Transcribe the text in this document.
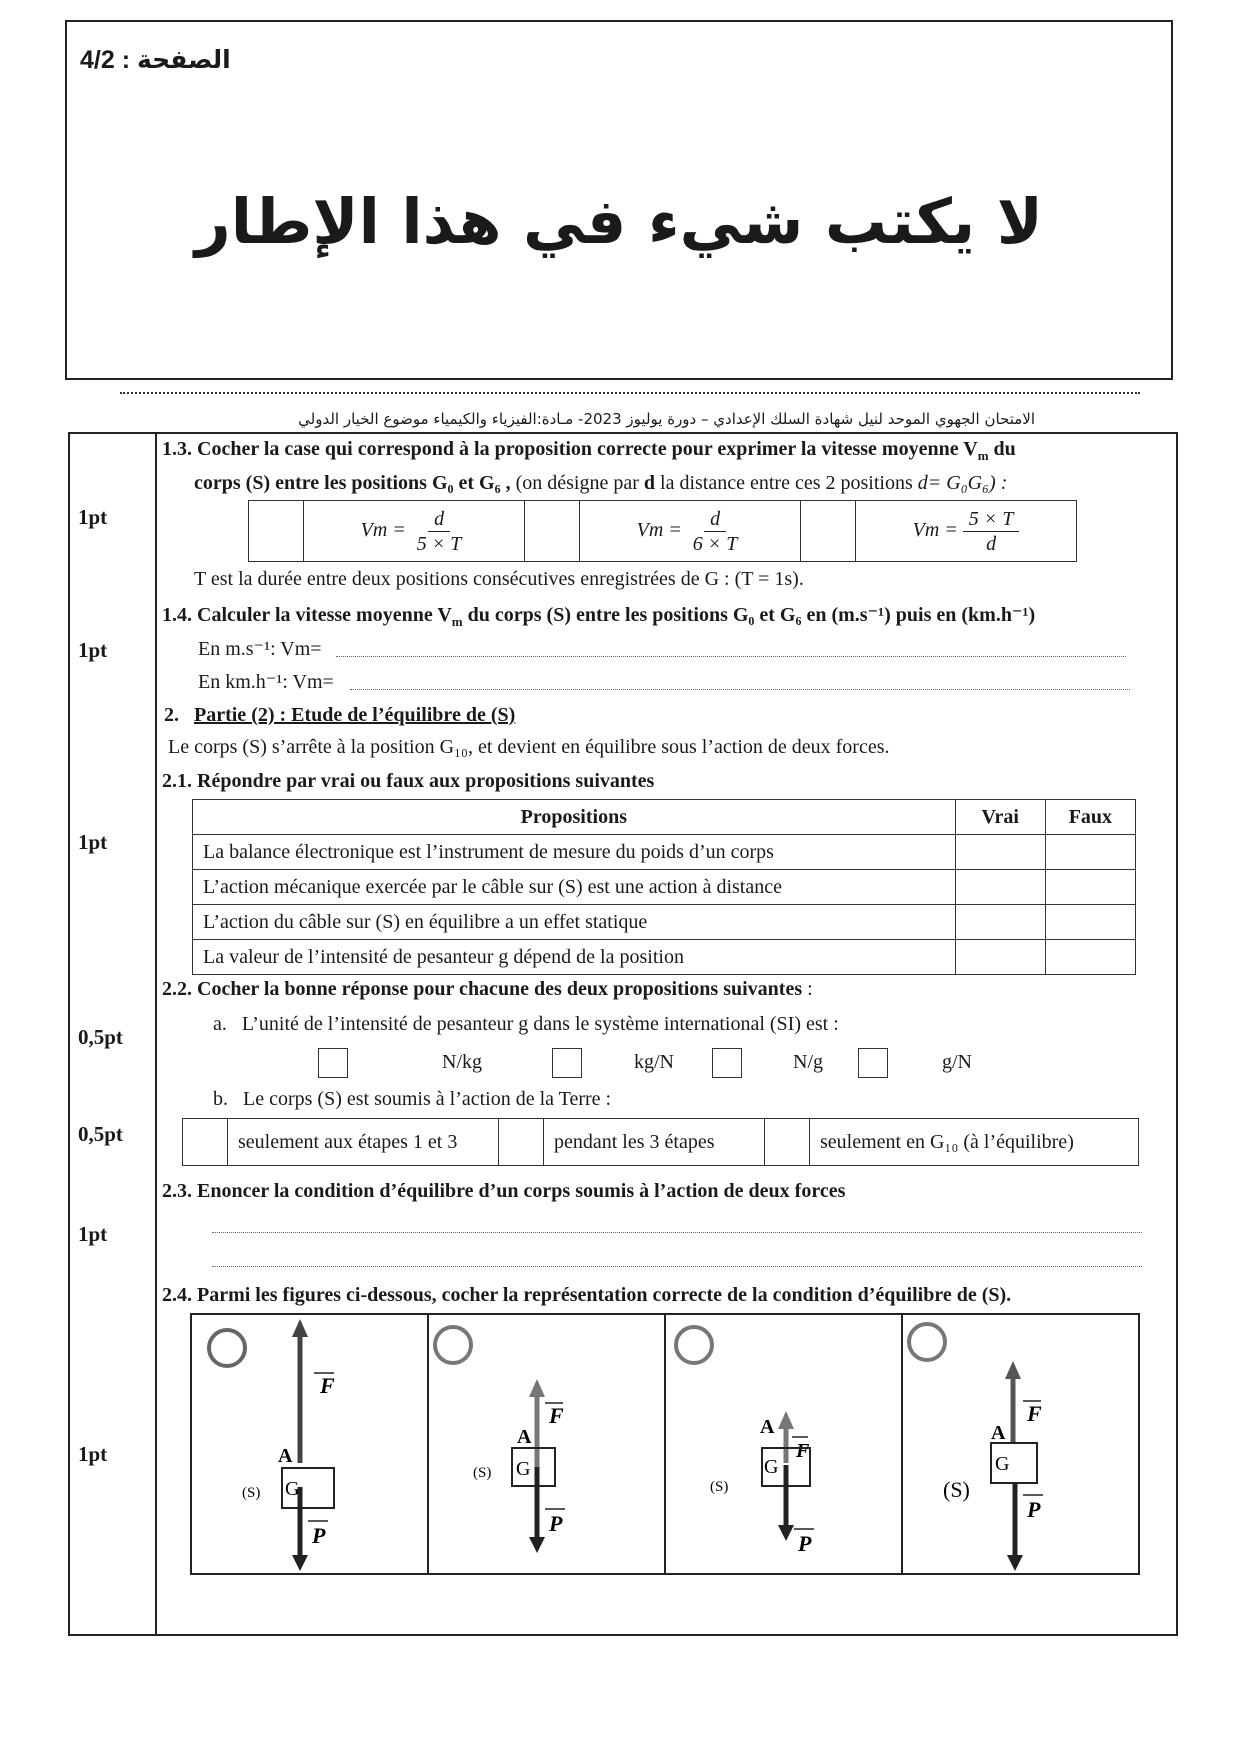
الصفحة : 4/2
لا يكتب شيء في هذا الإطار
الامتحان الجهوي الموحد لنيل شهادة السلك الإعدادي – دورة يوليوز 2023- مـادة:الفيزياء والكيمياء موضوع الخيار الدولي
1pt
1pt
1pt
0,5pt
0,5pt
1pt
1pt
1.3. Cocher la case qui correspond à la proposition correcte pour exprimer la vitesse moyenne $V_m$ du
corps (S) entre les positions G₀ et G₆ , (on désigne par d la distance entre ces 2 positions d= G₀G₆) :
	$Vm = \frac{d}{5 \times T}$		$Vm = \frac{d}{6 \times T}$		$Vm = \frac{5 \times T}{d}$
T est la durée entre deux positions consécutives enregistrées de G : (T = 1s).
1.4. Calculer la vitesse moyenne $V_m$ du corps (S) entre les positions G₀ et G₆ en (m.s⁻¹) puis en (km.h⁻¹)
En m.s⁻¹: Vm=
En km.h⁻¹: Vm=
2. Partie (2) : Etude de l’équilibre de (S)
Le corps (S) s’arrête à la position G₁₀, et devient en équilibre sous l’action de deux forces.
2.1. Répondre par vrai ou faux aux propositions suivantes
Propositions	Vrai	Faux
La balance électronique est l’instrument de mesure du poids d’un corps		
L’action mécanique exercée par le câble sur (S) est une action à distance		
L’action du câble sur (S) en équilibre a un effet statique		
La valeur de l’intensité de pesanteur g dépend de la position		
2.2. Cocher la bonne réponse pour chacune des deux propositions suivantes :
a. L’unité de l’intensité de pesanteur g dans le système international (SI) est :
N/kg	kg/N	N/g	g/N
b. Le corps (S) est soumis à l’action de la Terre :
	seulement aux étapes 1 et 3		pendant les 3 étapes		seulement en G₁₀ (à l’équilibre)
2.3. Enoncer la condition d’équilibre d’un corps soumis à l’action de deux forces
2.4. Parmi les figures ci-dessous, cocher la représentation correcte de la condition d’équilibre de (S).
F
A
G
(S)
P
F
A
G
(S)
P
F
A
G
(S)
P
F
A
G
(S)
P
